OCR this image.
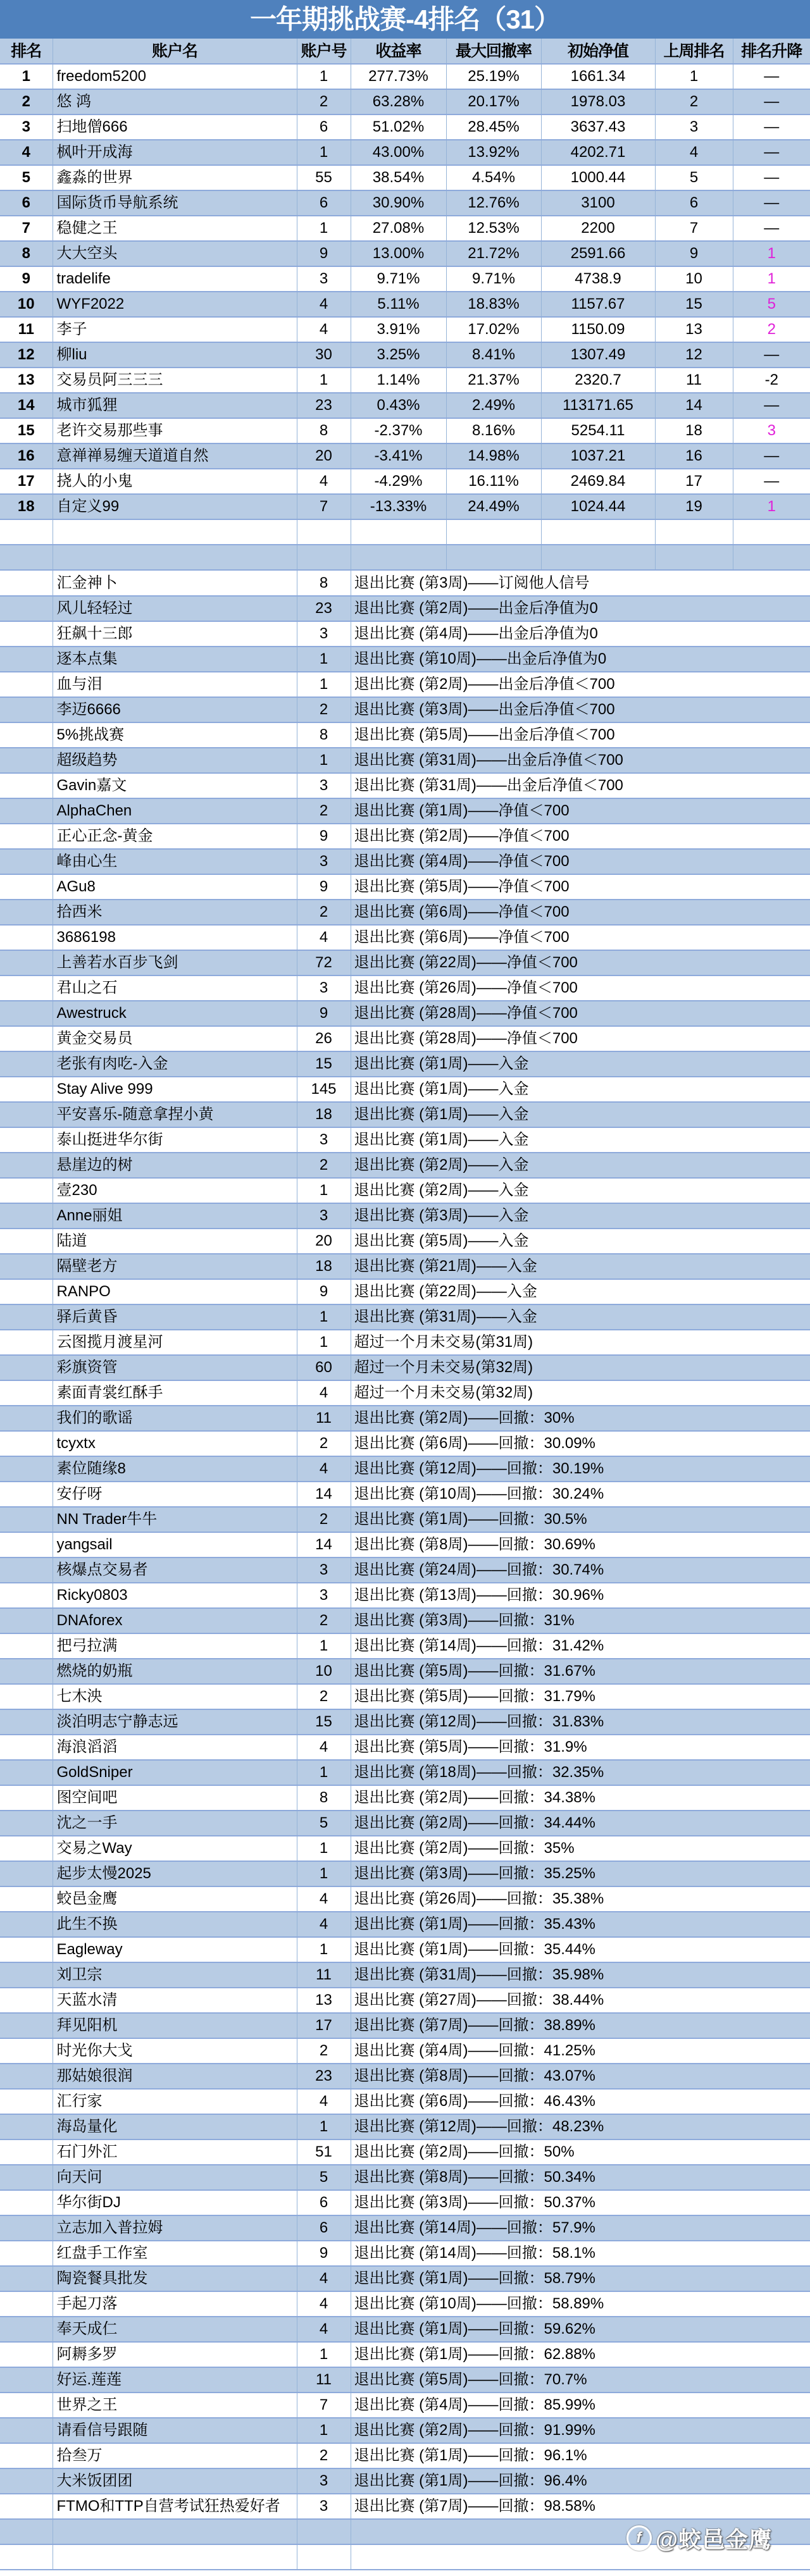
一年期挑战赛-4排名（31）
排名	账户名	账户号	收益率	最大回撤率	初始净值	上周排名	排名升降
1	freedom5200	1	277.73%	25.19%	1661.34	1	—
2	悠 鸿	2	63.28%	20.17%	1978.03	2	—
3	扫地僧666	6	51.02%	28.45%	3637.43	3	—
4	枫叶开成海	1	43.00%	13.92%	4202.71	4	—
5	鑫淼的世界	55	38.54%	4.54%	1000.44	5	—
6	国际货币导航系统	6	30.90%	12.76%	3100	6	—
7	稳健之王	1	27.08%	12.53%	2200	7	—
8	大大空头	9	13.00%	21.72%	2591.66	9	1
9	tradelife	3	9.71%	9.71%	4738.9	10	1
10	WYF2022	4	5.11%	18.83%	1157.67	15	5
11	李子	4	3.91%	17.02%	1150.09	13	2
12	柳liu	30	3.25%	8.41%	1307.49	12	—
13	交易员阿三三三	1	1.14%	21.37%	2320.7	11	-2
14	城市狐狸	23	0.43%	2.49%	113171.65	14	—
15	老许交易那些事	8	-2.37%	8.16%	5254.11	18	3
16	意禅禅易缠天道道自然	20	-3.41%	14.98%	1037.21	16	—
17	挠人的小鬼	4	-4.29%	16.11%	2469.84	17	—
18	自定义99	7	-13.33%	24.49%	1024.44	19	1

	汇金神卜	8	退出比赛 (第3周)——订阅他人信号
	风儿轻轻过	23	退出比赛 (第2周)——出金后净值为0
	狂飙十三郎	3	退出比赛 (第4周)——出金后净值为0
	逐本点集	1	退出比赛 (第10周)——出金后净值为0
	血与泪	1	退出比赛 (第2周)——出金后净值＜700
	李迈6666	2	退出比赛 (第3周)——出金后净值＜700
	5%挑战赛	8	退出比赛 (第5周)——出金后净值＜700
	超级趋势	1	退出比赛 (第31周)——出金后净值＜700
	Gavin嘉文	3	退出比赛 (第31周)——出金后净值＜700
	AlphaChen	2	退出比赛 (第1周)——净值＜700
	正心正念-黄金	9	退出比赛 (第2周)——净值＜700
	峰由心生	3	退出比赛 (第4周)——净值＜700
	AGu8	9	退出比赛 (第5周)——净值＜700
	拾西米	2	退出比赛 (第6周)——净值＜700
	3686198	4	退出比赛 (第6周)——净值＜700
	上善若水百步飞剑	72	退出比赛 (第22周)——净值＜700
	君山之石	3	退出比赛 (第26周)——净值＜700
	Awestruck	9	退出比赛 (第28周)——净值＜700
	黄金交易员	26	退出比赛 (第28周)——净值＜700
	老张有肉吃-入金	15	退出比赛 (第1周)——入金
	Stay Alive 999	145	退出比赛 (第1周)——入金
	平安喜乐-随意拿捏小黄	18	退出比赛 (第1周)——入金
	泰山挺进华尔街	3	退出比赛 (第1周)——入金
	悬崖边的树	2	退出比赛 (第2周)——入金
	壹230	1	退出比赛 (第2周)——入金
	Anne丽姐	3	退出比赛 (第3周)——入金
	陆道	20	退出比赛 (第5周)——入金
	隔壁老方	18	退出比赛 (第21周)——入金
	RANPO	9	退出比赛 (第22周)——入金
	驿后黄昏	1	退出比赛 (第31周)——入金
	云图揽月渡星河	1	超过一个月未交易(第31周)
	彩旗资管	60	超过一个月未交易(第32周)
	素面青裳红酥手	4	超过一个月未交易(第32周)
	我们的歌谣	11	退出比赛 (第2周)——回撤：30%
	tcyxtx	2	退出比赛 (第6周)——回撤：30.09%
	素位随缘8	4	退出比赛 (第12周)——回撤：30.19%
	安仔呀	14	退出比赛 (第10周)——回撤：30.24%
	NN Trader牛牛	2	退出比赛 (第1周)——回撤：30.5%
	yangsail	14	退出比赛 (第8周)——回撤：30.69%
	核爆点交易者	3	退出比赛 (第24周)——回撤：30.74%
	Ricky0803	3	退出比赛 (第13周)——回撤：30.96%
	DNAforex	2	退出比赛 (第3周)——回撤：31%
	把弓拉满	1	退出比赛 (第14周)——回撤：31.42%
	燃烧的奶瓶	10	退出比赛 (第5周)——回撤：31.67%
	七木泱	2	退出比赛 (第5周)——回撤：31.79%
	淡泊明志宁静志远	15	退出比赛 (第12周)——回撤：31.83%
	海浪滔滔	4	退出比赛 (第5周)——回撤：31.9%
	GoldSniper	1	退出比赛 (第18周)——回撤：32.35%
	图空间吧	8	退出比赛 (第2周)——回撤：34.38%
	沈之一手	5	退出比赛 (第2周)——回撤：34.44%
	交易之Way	1	退出比赛 (第2周)——回撤：35%
	起步太慢2025	1	退出比赛 (第3周)——回撤：35.25%
	蛟邑金鹰	4	退出比赛 (第26周)——回撤：35.38%
	此生不换	4	退出比赛 (第1周)——回撤：35.43%
	Eagleway	1	退出比赛 (第1周)——回撤：35.44%
	刘卫宗	11	退出比赛 (第31周)——回撤：35.98%
	天蓝水清	13	退出比赛 (第27周)——回撤：38.44%
	拜见阳机	17	退出比赛 (第7周)——回撤：38.89%
	时光你大戈	2	退出比赛 (第4周)——回撤：41.25%
	那姑娘很润	23	退出比赛 (第8周)——回撤：43.07%
	汇行家	4	退出比赛 (第6周)——回撤：46.43%
	海岛量化	1	退出比赛 (第12周)——回撤：48.23%
	石门外汇	51	退出比赛 (第2周)——回撤：50%
	向天问	5	退出比赛 (第8周)——回撤：50.34%
	华尔街DJ	6	退出比赛 (第3周)——回撤：50.37%
	立志加入普拉姆	6	退出比赛 (第14周)——回撤：57.9%
	红盘手工作室	9	退出比赛 (第14周)——回撤：58.1%
	陶瓷餐具批发	4	退出比赛 (第1周)——回撤：58.79%
	手起刀落	4	退出比赛 (第10周)——回撤：58.89%
	奉天成仁	4	退出比赛 (第1周)——回撤：59.62%
	阿耨多罗	1	退出比赛 (第1周)——回撤：62.88%
	好运.莲莲	11	退出比赛 (第5周)——回撤：70.7%
	世界之王	7	退出比赛 (第4周)——回撤：85.99%
	请看信号跟随	1	退出比赛 (第2周)——回撤：91.99%
	拾叁万	2	退出比赛 (第1周)——回撤：96.1%
	大米饭团团	3	退出比赛 (第1周)——回撤：96.4%
	FTMO和TTP自营考试狂热爱好者	3	退出比赛 (第7周)——回撤：98.58%

f @蛟邑金鹰
